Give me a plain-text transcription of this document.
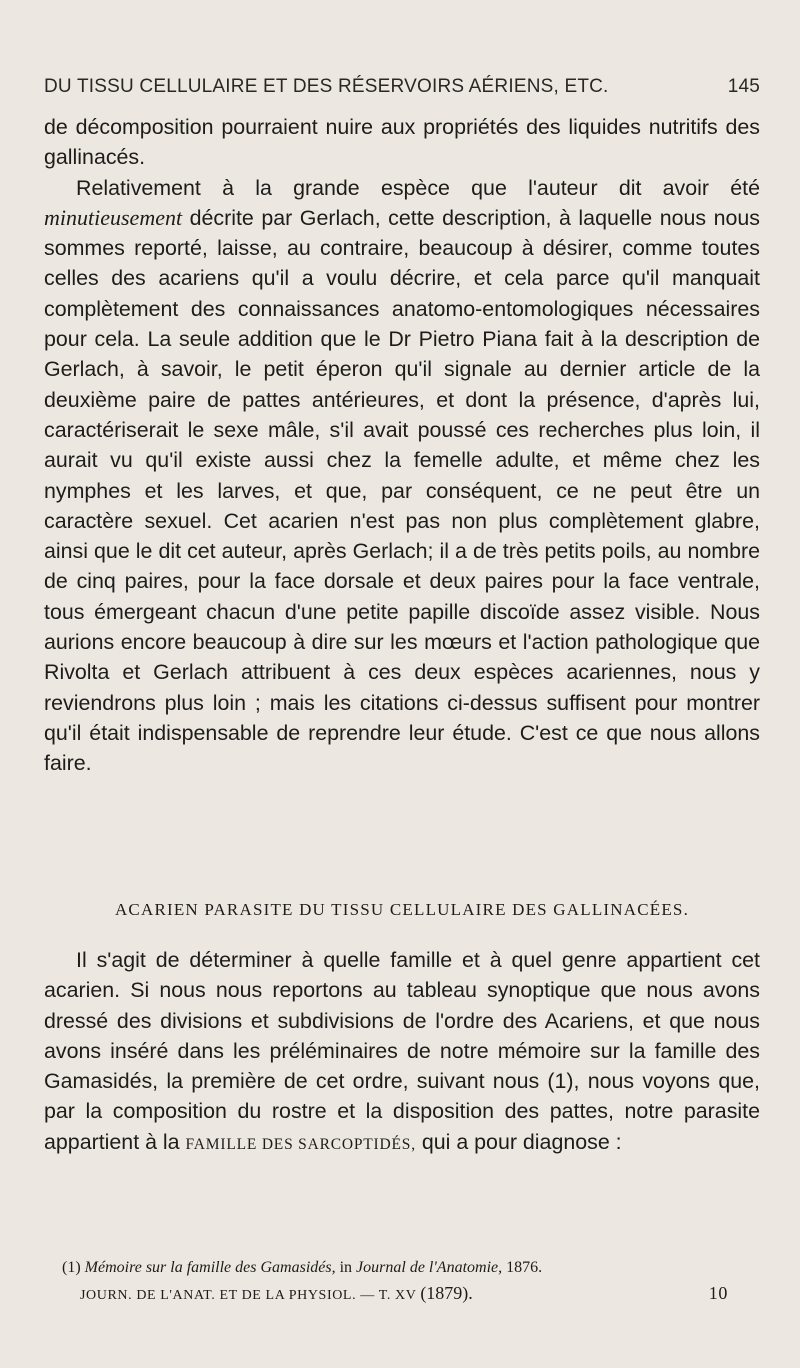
DU TISSU CELLULAIRE ET DES RÉSERVOIRS AÉRIENS, ETC.	145

de décomposition pourraient nuire aux propriétés des liquides nutritifs des gallinacés.

Relativement à la grande espèce que l'auteur dit avoir été minutieusement décrite par Gerlach, cette description, à laquelle nous nous sommes reporté, laisse, au contraire, beaucoup à désirer, comme toutes celles des acariens qu'il a voulu décrire, et cela parce qu'il manquait complètement des connaissances anatomo-entomologiques nécessaires pour cela. La seule addition que le Dr Pietro Piana fait à la description de Gerlach, à savoir, le petit éperon qu'il signale au dernier article de la deuxième paire de pattes antérieures, et dont la présence, d'après lui, caractériserait le sexe mâle, s'il avait poussé ces recherches plus loin, il aurait vu qu'il existe aussi chez la femelle adulte, et même chez les nymphes et les larves, et que, par conséquent, ce ne peut être un caractère sexuel. Cet acarien n'est pas non plus complètement glabre, ainsi que le dit cet auteur, après Gerlach; il a de très petits poils, au nombre de cinq paires, pour la face dorsale et deux paires pour la face ventrale, tous émergeant chacun d'une petite papille discoïde assez visible. Nous aurions encore beaucoup à dire sur les mœurs et l'action pathologique que Rivolta et Gerlach attribuent à ces deux espèces acariennes, nous y reviendrons plus loin ; mais les citations ci-dessus suffisent pour montrer qu'il était indispensable de reprendre leur étude. C'est ce que nous allons faire.

ACARIEN PARASITE DU TISSU CELLULAIRE DES GALLINACÉES.

Il s'agit de déterminer à quelle famille et à quel genre appartient cet acarien. Si nous nous reportons au tableau synoptique que nous avons dressé des divisions et subdivisions de l'ordre des Acariens, et que nous avons inséré dans les préléminaires de notre mémoire sur la famille des Gamasidés, la première de cet ordre, suivant nous (1), nous voyons que, par la composition du rostre et la disposition des pattes, notre parasite appartient à la FAMILLE DES SARCOPTIDÉS, qui a pour diagnose :

(1) Mémoire sur la famille des Gamasidés, in Journal de l'Anatomie, 1876.
JOURN. DE L'ANAT. ET DE LA PHYSIOL. — T. XV (1879).	10
